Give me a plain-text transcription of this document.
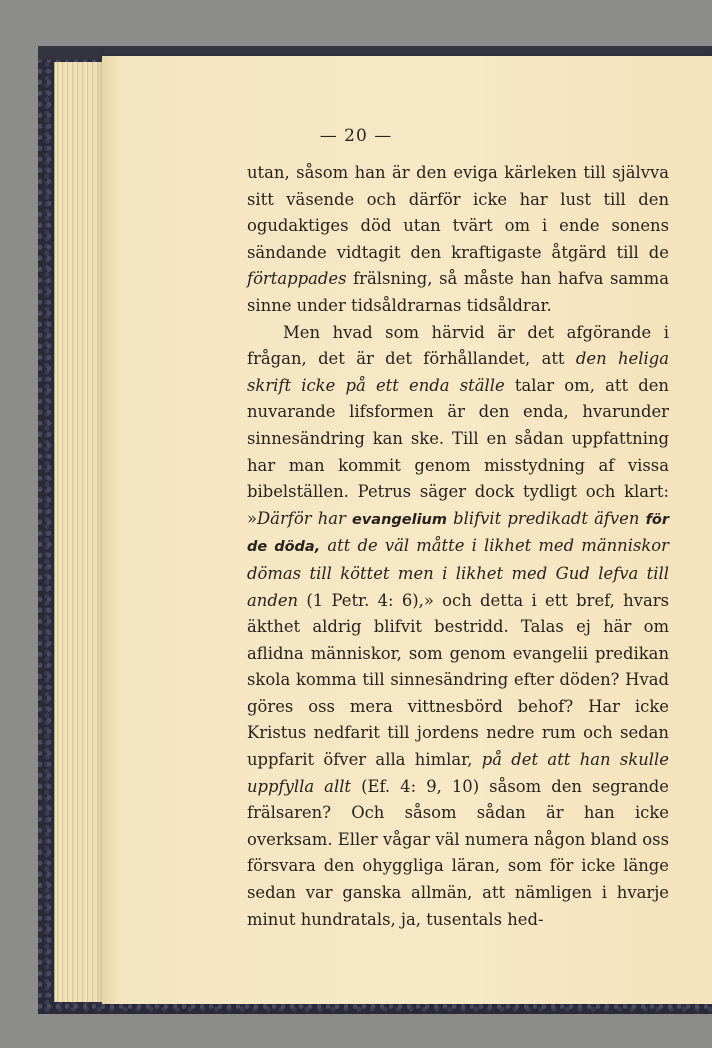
— 20 —

utan, såsom han är den eviga kärleken till självva sitt väsende och därför icke har lust till den ogudaktiges död utan tvärt om i ende sonens sändande vidtagit den kraftigaste åtgärd till de förtappades frälsning, så måste han hafva samma sinne under tidsåldrarnas tidsåldrar.

Men hvad som härvid är det afgörande i frågan, det är det förhållandet, att den heliga skrift icke på ett enda ställe talar om, att den nuvarande lifsformen är den enda, hvarunder sinnesändring kan ske. Till en sådan uppfattning har man kommit genom misstydning af vissa bibelställen. Petrus säger dock tydligt och klart: »Därför har evangelium blifvit predikadt äfven för de döda, att de väl måtte i likhet med människor dömas till köttet men i likhet med Gud lefva till anden (1 Petr. 4: 6),» och detta i ett bref, hvars äkthet aldrig blifvit bestridd. Talas ej här om aflidna människor, som genom evangelii predikan skola komma till sinnesändring efter döden? Hvad göres oss mera vittnesbörd behof? Har icke Kristus nedfarit till jordens nedre rum och sedan uppfarit öfver alla himlar, på det att han skulle uppfylla allt (Ef. 4: 9, 10) såsom den segrande frälsaren? Och såsom sådan är han icke overksam. Eller vågar väl numera någon bland oss försvara den ohyggliga läran, som för icke länge sedan var ganska allmän, att nämligen i hvarje minut hundratals, ja, tusentals hed-
